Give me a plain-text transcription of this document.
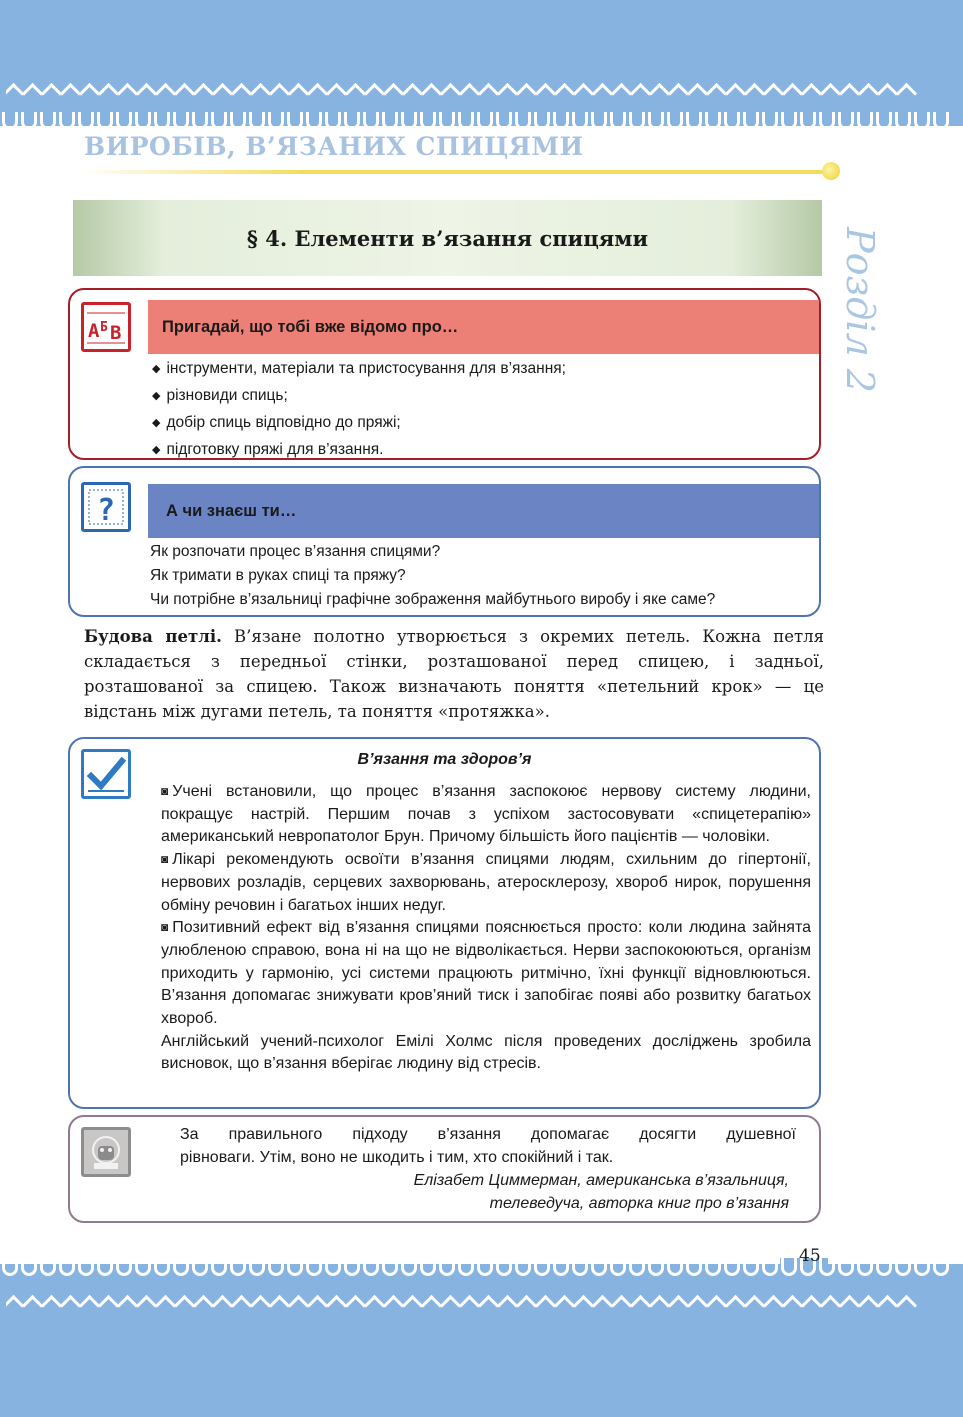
ВИРОБІВ, В’ЯЗАНИХ СПИЦЯМИ
Розділ 2
§ 4. Елементи в’язання спицями
А Б В	Пригадай, що тобі вже відомо про…
◆ інструменти, матеріали та пристосування для в’язання;
◆ різновиди спиць;
◆ добір спиць відповідно до пряжі;
◆ підготовку пряжі для в’язання.
?	А чи знаєш ти…
Як розпочати процес в’язання спицями?
Як тримати в руках спиці та пряжу?
Чи потрібне в’язальниці графічне зображення майбутнього виробу і яке саме?

Будова петлі. В’язане полотно утворюється з окремих петель. Кожна петля складається з передньої стінки, розташованої перед спицею, і задньої, розташованої за спицею. Також визначають поняття «петельний крок» — це відстань між дугами петель, та поняття «протяжка».

В’язання та здоров’я

◙ Учені встановили, що процес в’язання заспокоює нервову систему людини, покращує настрій. Першим почав з успіхом застосовувати «спицетерапію» американський невропатолог Брун. Причому більшість його пацієнтів — чоловіки.

◙ Лікарі рекомендують освоїти в’язання спицями людям, схильним до гіпертонії, нервових розладів, серцевих захворювань, атеросклерозу, хвороб нирок, порушення обміну речовин і багатьох інших недуг.

◙ Позитивний ефект від в’язання спицями пояснюється просто: коли людина зайнята улюбленою справою, вона ні на що не відволікається. Нерви заспокоюються, організм приходить у гармонію, усі системи працюють ритмічно, їхні функції відновлюються. В’язання допомагає знижувати кров’яний тиск і запобігає появі або розвитку багатьох хвороб.

Англійський учений-психолог Емілі Холмс після проведених досліджень зробила висновок, що в’язання вберігає людину від стресів.

За правильного підходу в’язання допомагає досягти душевної
рівноваги. Утім, воно не шкодить і тим, хто спокійний і так.

Елізабет Циммерман, американська в’язальниця,
телеведуча, авторка книг про в’язання
45
